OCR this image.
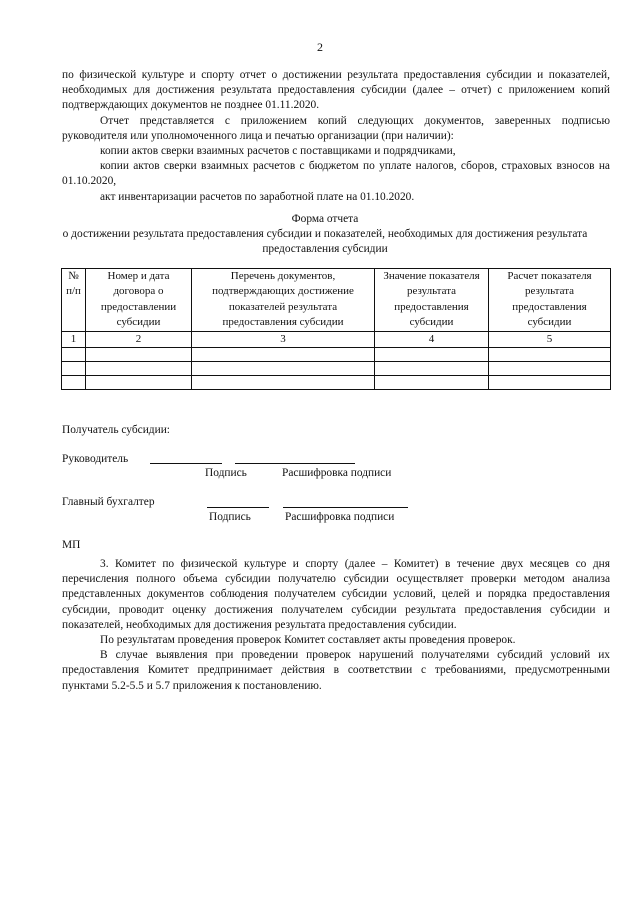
2

по физической культуре и спорту отчет о достижении результата предоставления субсидии и показателей, необходимых для достижения результата предоставления субсидии (далее – отчет) с приложением копий подтверждающих документов не позднее 01.11.2020.

Отчет представляется с приложением копий следующих документов, заверенных подписью руководителя или уполномоченного лица и печатью организации (при наличии):

копии актов сверки взаимных расчетов с поставщиками и подрядчиками,

копии актов сверки взаимных расчетов с бюджетом по уплате налогов, сборов, страховых взносов на 01.10.2020,

акт инвентаризации расчетов по заработной плате на 01.10.2020.

Форма отчета
о достижении результата предоставления субсидии и показателей, необходимых для достижения результата предоставления субсидии
№ п/п	Номер и дата договора о предоставлении субсидии	Перечень документов, подтверждающих достижение показателей результата предоставления субсидии	Значение показателя результата предоставления субсидии	Расчет показателя результата предоставления субсидии
1	2	3	4	5

Получатель субсидии:
Руководитель
Подпись	Расшифровка подписи
Главный бухгалтер
Подпись	Расшифровка подписи
МП

3. Комитет по физической культуре и спорту (далее – Комитет) в течение двух месяцев со дня перечисления полного объема субсидии получателю субсидии осуществляет проверки методом анализа представленных документов соблюдения получателем субсидии условий, целей и порядка предоставления субсидии, проводит оценку достижения получателем субсидии результата предоставления субсидии и показателей, необходимых для достижения результата предоставления субсидии.

По результатам проведения проверок Комитет составляет акты проведения проверок.

В случае выявления при проведении проверок нарушений получателями субсидий условий их предоставления Комитет предпринимает действия в соответствии с требованиями, предусмотренными пунктами 5.2-5.5 и 5.7 приложения к постановлению.
